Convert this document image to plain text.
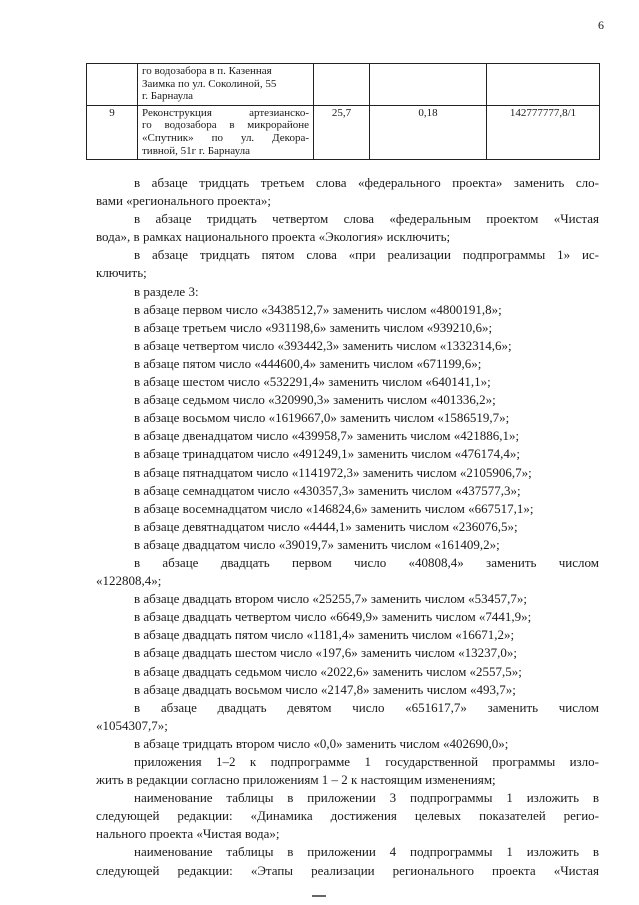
6

	го водозабора в п. Казенная
Заимка по ул. Соколиной, 55
г. Барнаула			

9	Реконструкция артезианско-
го водозабора в микрорайоне
«Спутник» по ул. Декора-
тивной, 51г г. Барнаула	25,7	0,18	142777777,8/1

в абзаце тридцать третьем слова «федерального проекта» заменить сло-
вами «регионального проекта»;

в абзаце тридцать четвертом слова «федеральным проектом «Чистая
вода», в рамках национального проекта «Экология» исключить;

в абзаце тридцать пятом слова «при реализации подпрограммы 1» ис-
ключить;

в разделе 3:

в абзаце первом число «3438512,7» заменить числом «4800191,8»;

в абзаце третьем число «931198,6» заменить числом «939210,6»;

в абзаце четвертом число «393442,3» заменить числом «1332314,6»;

в абзаце пятом число «444600,4» заменить числом «671199,6»;

в абзаце шестом число «532291,4» заменить числом «640141,1»;

в абзаце седьмом число «320990,3» заменить числом «401336,2»;

в абзаце восьмом число «1619667,0» заменить числом «1586519,7»;

в абзаце двенадцатом число «439958,7» заменить числом «421886,1»;

в абзаце тринадцатом число «491249,1» заменить числом «476174,4»;

в абзаце пятнадцатом число «1141972,3» заменить числом «2105906,7»;

в абзаце семнадцатом число «430357,3» заменить числом «437577,3»;

в абзаце восемнадцатом число «146824,6» заменить числом «667517,1»;

в абзаце девятнадцатом число «4444,1» заменить числом «236076,5»;

в абзаце двадцатом число «39019,7» заменить числом «161409,2»;

в абзаце двадцать первом число «40808,4» заменить числом
«122808,4»;

в абзаце двадцать втором число «25255,7» заменить числом «53457,7»;

в абзаце двадцать четвертом число «6649,9» заменить числом «7441,9»;

в абзаце двадцать пятом число «1181,4» заменить числом «16671,2»;

в абзаце двадцать шестом число «197,6» заменить числом «13237,0»;

в абзаце двадцать седьмом число «2022,6» заменить числом «2557,5»;

в абзаце двадцать восьмом число «2147,8» заменить числом «493,7»;

в абзаце двадцать девятом число «651617,7» заменить числом
«1054307,7»;

в абзаце тридцать втором число «0,0» заменить числом «402690,0»;

приложения 1–2 к подпрограмме 1 государственной программы изло-
жить в редакции согласно приложениям 1 – 2 к настоящим изменениям;

наименование таблицы в приложении 3 подпрограммы 1 изложить в
следующей редакции: «Динамика достижения целевых показателей регио-
нального проекта «Чистая вода»;

наименование таблицы в приложении 4 подпрограммы 1 изложить в
следующей редакции: «Этапы реализации регионального проекта «Чистая
